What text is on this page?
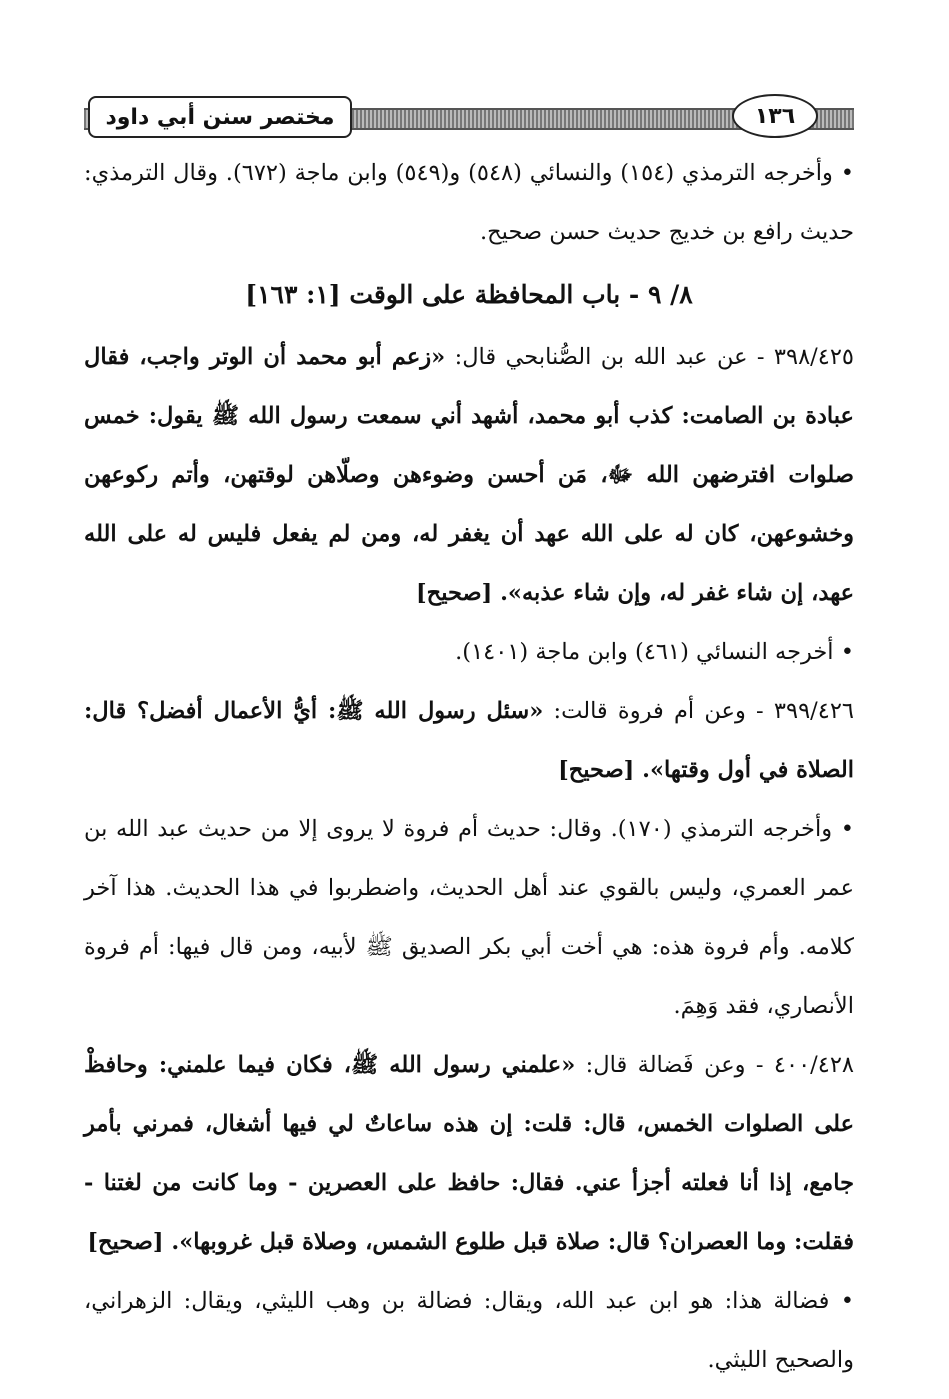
مختصر سنن أبي داود	١٣٦

• وأخرجه الترمذي (١٥٤) والنسائي (٥٤٨) و(٥٤٩) وابن ماجة (٦٧٢). وقال الترمذي: حديث رافع بن خديج حديث حسن صحيح.

٨/ ٩ - باب المحافظة على الوقت [١: ١٦٣]

٣٩٨/٤٢٥ - عن عبد الله بن الصُّنابحي قال: «زعم أبو محمد أن الوتر واجب، فقال عبادة بن الصامت: كذب أبو محمد، أشهد أني سمعت رسول الله ﷺ يقول: خمس صلوات افترضهن الله ﷻ، مَن أحسن وضوءهن وصلّاهن لوقتهن، وأتم ركوعهن وخشوعهن، كان له على الله عهد أن يغفر له، ومن لم يفعل فليس له على الله عهد، إن شاء غفر له، وإن شاء عذبه». [صحيح]

• أخرجه النسائي (٤٦١) وابن ماجة (١٤٠١).

٣٩٩/٤٢٦ - وعن أم فروة قالت: «سئل رسول الله ﷺ: أيُّ الأعمال أفضل؟ قال: الصلاة في أول وقتها». [صحيح]

• وأخرجه الترمذي (١٧٠). وقال: حديث أم فروة لا يروى إلا من حديث عبد الله بن عمر العمري، وليس بالقوي عند أهل الحديث، واضطربوا في هذا الحديث. هذا آخر كلامه. وأم فروة هذه: هي أخت أبي بكر الصديق ﷺ لأبيه، ومن قال فيها: أم فروة الأنصاري، فقد وَهِمَ.

٤٠٠/٤٢٨ - وعن فَضالة قال: «علمني رسول الله ﷺ، فكان فيما علمني: وحافظْ على الصلوات الخمس، قال: قلت: إن هذه ساعاتٌ لي فيها أشغال، فمرني بأمر جامع، إذا أنا فعلته أجزأ عني. فقال: حافظ على العصرين - وما كانت من لغتنا - فقلت: وما العصران؟ قال: صلاة قبل طلوع الشمس، وصلاة قبل غروبها». [صحيح]

• فضالة هذا: هو ابن عبد الله، ويقال: فضالة بن وهب الليثي، ويقال: الزهراني، والصحيح الليثي.
